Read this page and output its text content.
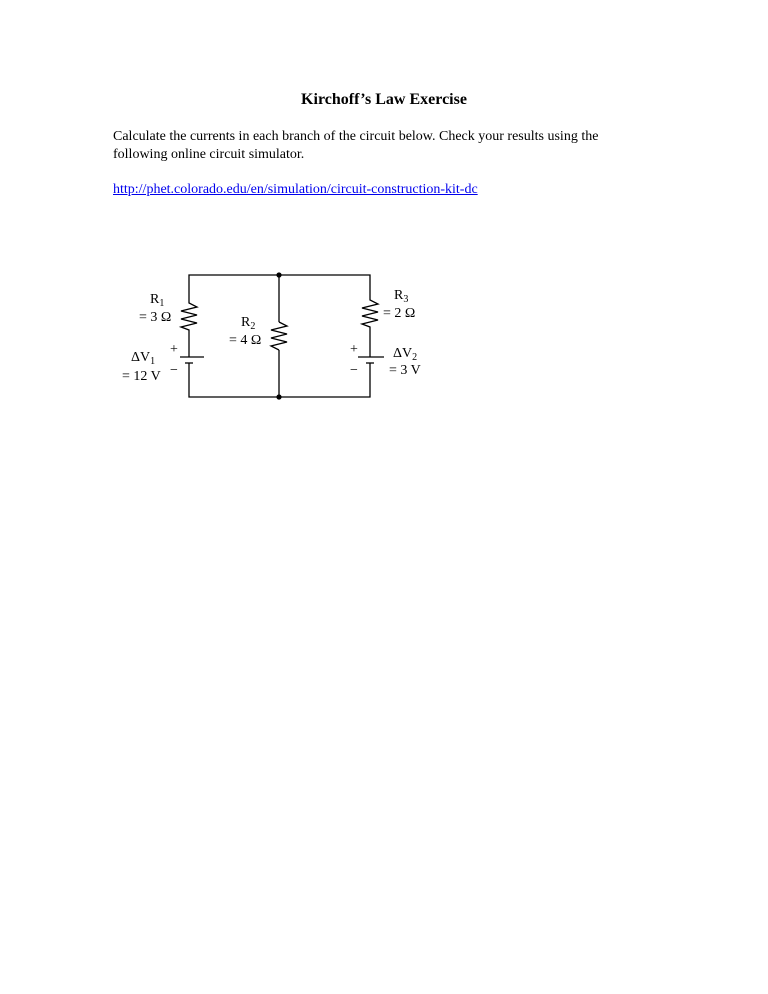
Kirchoff’s Law Exercise

Calculate the currents in each branch of the circuit below. Check your results using the

following online circuit simulator.

http://phet.colorado.edu/en/simulation/circuit-construction-kit-dc
$R_1$
= 3 Ω	$R_2$
= 4 Ω
$R_3$
= 2 Ω
+
−
$\Delta V_1$
= 12 V
+
−
$\Delta V_2$
= 3 V
